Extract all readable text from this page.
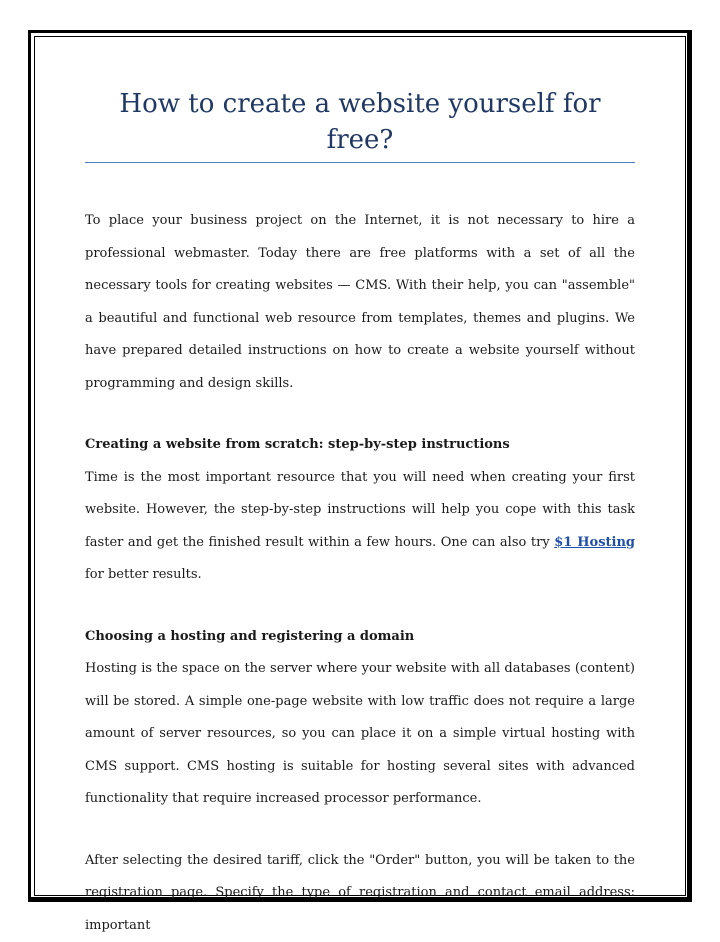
How to create a website yourself for
free?

To place your business project on the Internet, it is not necessary to hire a professional webmaster. Today there are free platforms with a set of all the necessary tools for creating websites — CMS. With their help, you can "assemble" a beautiful and functional web resource from templates, themes and plugins. We have prepared detailed instructions on how to create a website yourself without programming and design skills.

Creating a website from scratch: step-by-step instructions

Time is the most important resource that you will need when creating your first website. However, the step-by-step instructions will help you cope with this task faster and get the finished result within a few hours. One can also try $1 Hosting for better results.

Choosing a hosting and registering a domain

Hosting is the space on the server where your website with all databases (content) will be stored. A simple one-page website with low traffic does not require a large amount of server resources, so you can place it on a simple virtual hosting with CMS support. CMS hosting is suitable for hosting several sites with advanced functionality that require increased processor performance.

After selecting the desired tariff, click the "Order" button, you will be taken to the registration page. Specify the type of registration and contact email address: important
